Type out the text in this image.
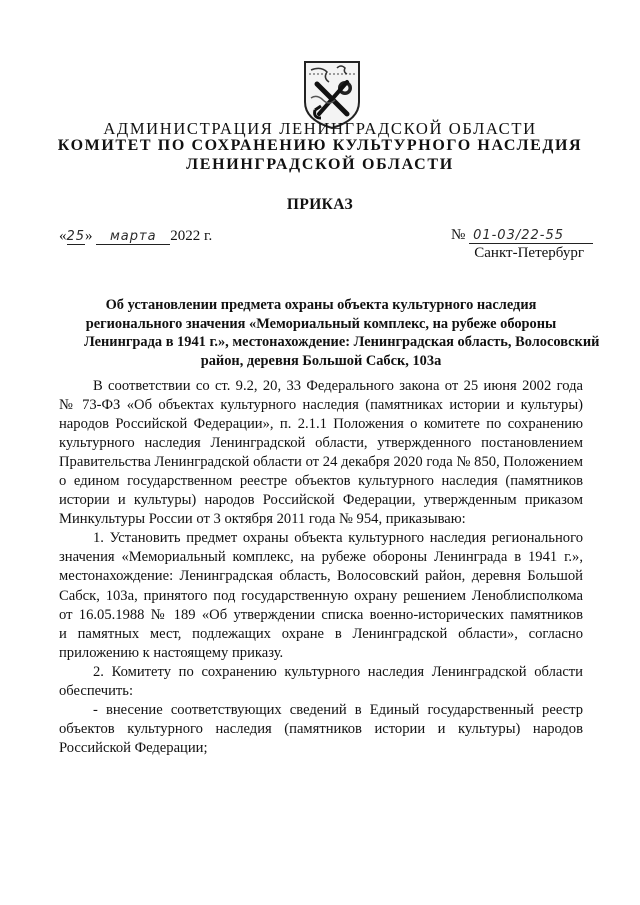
АДМИНИСТРАЦИЯ ЛЕНИНГРАДСКОЙ ОБЛАСТИ
КОМИТЕТ ПО СОХРАНЕНИЮ КУЛЬТУРНОГО НАСЛЕДИЯ
ЛЕНИНГРАДСКОЙ ОБЛАСТИ
ПРИКАЗ
«25» марта 2022 г.	№ 01-03/22-55
Санкт-Петербург
Об установлении предмета охраны объекта культурного наследия
регионального значения «Мемориальный комплекс, на рубеже обороны
Ленинграда в 1941 г.», местонахождение: Ленинградская область, Волосовский
район, деревня Большой Сабск, 103а
В соответствии со ст. 9.2, 20, 33 Федерального закона от 25 июня 2002 года
№ 73-ФЗ «Об объектах культурного наследия (памятниках истории и культуры)
народов Российской Федерации», п. 2.1.1 Положения о комитете по сохранению
культурного наследия Ленинградской области, утвержденного постановлением
Правительства Ленинградской области от 24 декабря 2020 года № 850, Положением
о едином государственном реестре объектов культурного наследия (памятников
истории и культуры) народов Российской Федерации, утвержденным приказом
Минкультуры России от 3 октября 2011 года № 954, приказываю:
1. Установить предмет охраны объекта культурного наследия регионального
значения «Мемориальный комплекс, на рубеже обороны Ленинграда в 1941 г.»,
местонахождение: Ленинградская область, Волосовский район, деревня Большой
Сабск, 103а, принятого под государственную охрану решением Леноблисполкома
от 16.05.1988 № 189 «Об утверждении списка военно-исторических памятников
и памятных мест, подлежащих охране в Ленинградской области», согласно
приложению к настоящему приказу.
2. Комитету по сохранению культурного наследия Ленинградской области
обеспечить:
- внесение соответствующих сведений в Единый государственный реестр
объектов культурного наследия (памятников истории и культуры) народов
Российской Федерации;
